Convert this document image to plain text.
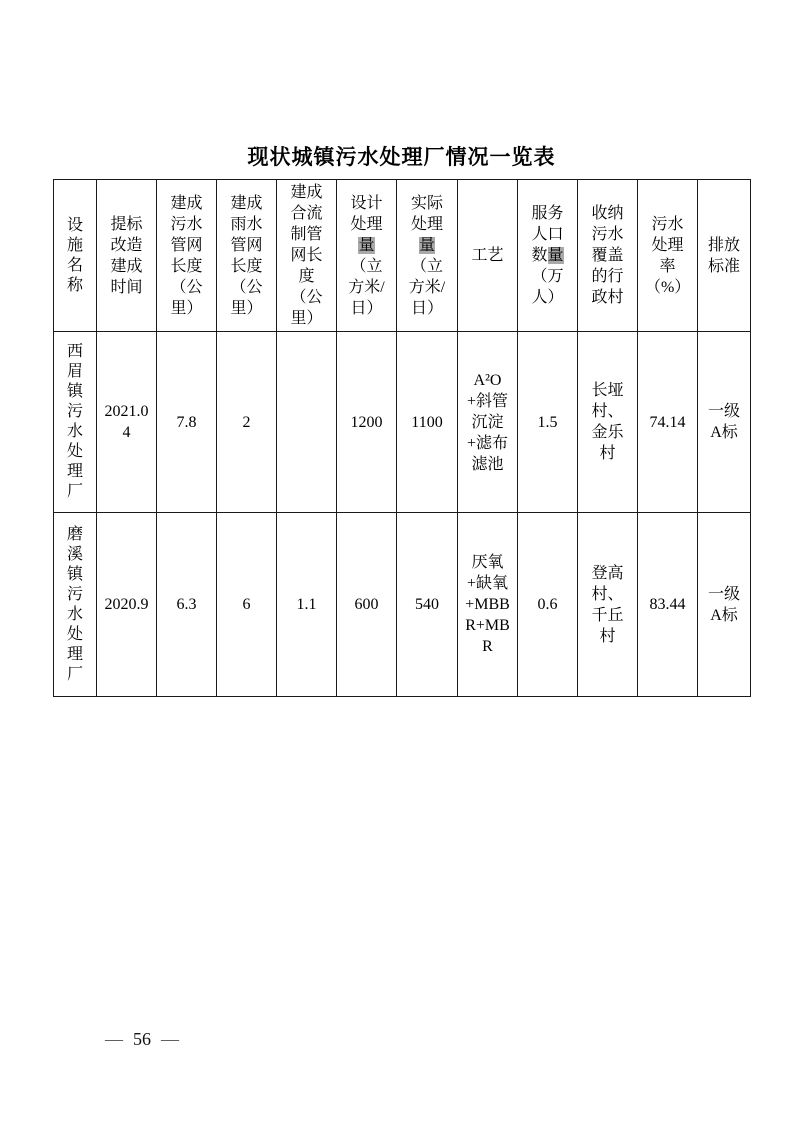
现状城镇污水处理厂情况一览表
设施名称	提标改造建成时间	建成污水管网长度（公里）	建成雨水管网长度（公里）	建成合流制管网长度（公里）	设计处理量（立方米/日）	实际处理量（立方米/日）	工艺	服务人口数量（万人）	收纳污水覆盖的行政村	污水处理率（%）	排放标准
西眉镇污水处理厂	2021.04	7.8	2		1200	1100	A²O+斜管沉淀+滤布滤池	1.5	长垭村、金乐村	74.14	一级A标
磨溪镇污水处理厂	2020.9	6.3	6	1.1	600	540	厌氧+缺氧+MBBR+MBR	0.6	登高村、千丘村	83.44	一级A标
— 56 —
